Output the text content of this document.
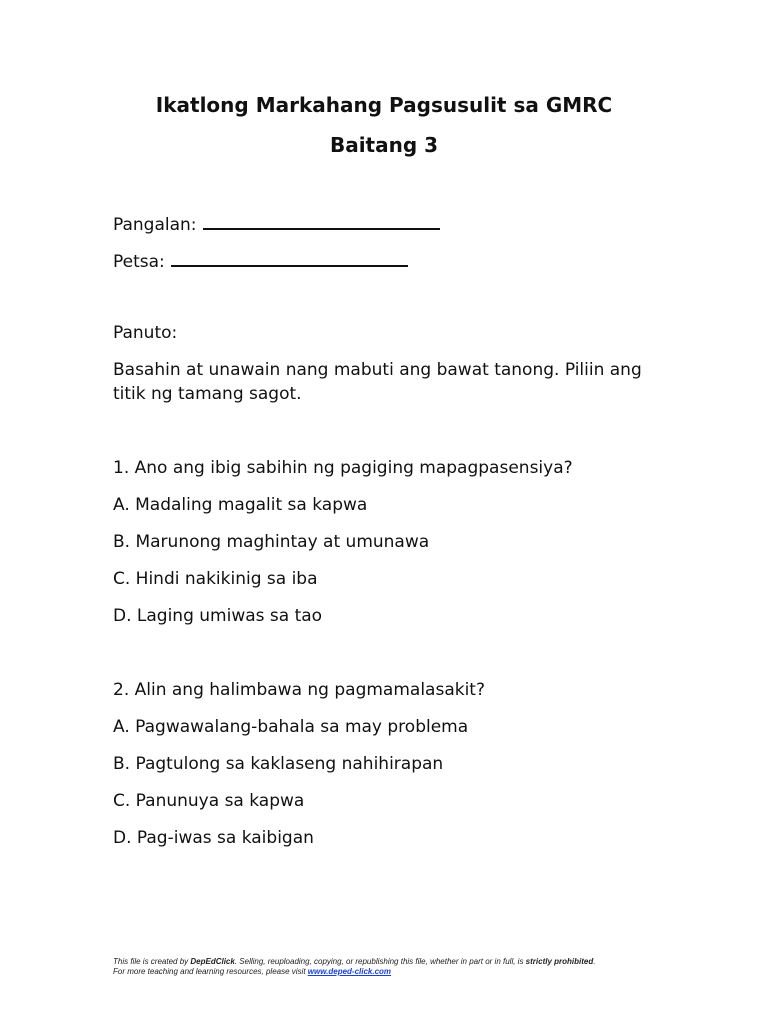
Ikatlong Markahang Pagsusulit sa GMRC
Baitang 3
Pangalan:
Petsa:
Panuto:
Basahin at unawain nang mabuti ang bawat tanong. Piliin ang titik ng tamang sagot.
1. Ano ang ibig sabihin ng pagiging mapagpasensiya?
A. Madaling magalit sa kapwa
B. Marunong maghintay at umunawa
C. Hindi nakikinig sa iba
D. Laging umiwas sa tao
2. Alin ang halimbawa ng pagmamalasakit?
A. Pagwawalang-bahala sa may problema
B. Pagtulong sa kaklaseng nahihirapan
C. Panunuya sa kapwa
D. Pag-iwas sa kaibigan
This file is created by DepEdClick. Selling, reuploading, copying, or republishing this file, whether in part or in full, is strictly prohibited.
For more teaching and learning resources, please visit www.deped-click.com
